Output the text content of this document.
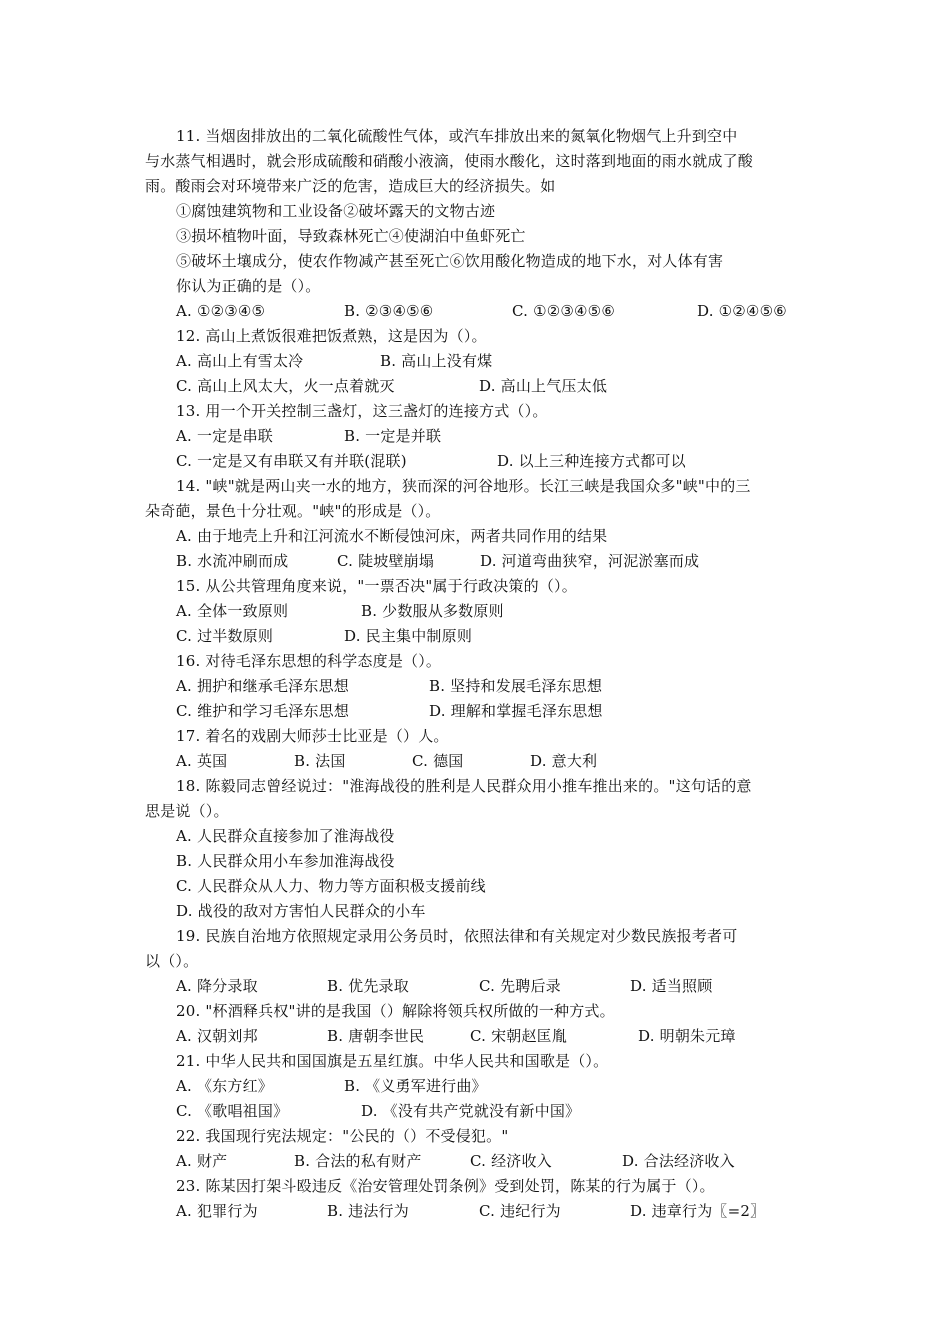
11. 当烟囱排放出的二氧化硫酸性气体，或汽车排放出来的氮氧化物烟气上升到空中
与水蒸气相遇时，就会形成硫酸和硝酸小液滴，使雨水酸化，这时落到地面的雨水就成了酸
雨。酸雨会对环境带来广泛的危害，造成巨大的经济损失。如
①腐蚀建筑物和工业设备②破坏露天的文物古迹
③损坏植物叶面，导致森林死亡④使湖泊中鱼虾死亡
⑤破坏土壤成分，使农作物减产甚至死亡⑥饮用酸化物造成的地下水，对人体有害
你认为正确的是（）。
A. ①②③④⑤	B. ②③④⑤⑥	C. ①②③④⑤⑥	D. ①②④⑤⑥
12. 高山上煮饭很难把饭煮熟，这是因为（）。
A. 高山上有雪太冷	B. 高山上没有煤
C. 高山上风太大，火一点着就灭	D. 高山上气压太低
13. 用一个开关控制三盏灯，这三盏灯的连接方式（）。
A. 一定是串联	B. 一定是并联
C. 一定是又有串联又有并联(混联)	D. 以上三种连接方式都可以
14. "峡"就是两山夹一水的地方，狭而深的河谷地形。长江三峡是我国众多"峡"中的三
朵奇葩，景色十分壮观。"峡"的形成是（）。
A. 由于地壳上升和江河流水不断侵蚀河床，两者共同作用的结果
B. 水流冲刷而成	C. 陡坡壁崩塌	D. 河道弯曲狭窄，河泥淤塞而成
15. 从公共管理角度来说，"一票否决"属于行政决策的（）。
A. 全体一致原则	B. 少数服从多数原则
C. 过半数原则	D. 民主集中制原则
16. 对待毛泽东思想的科学态度是（）。
A. 拥护和继承毛泽东思想	B. 坚持和发展毛泽东思想
C. 维护和学习毛泽东思想	D. 理解和掌握毛泽东思想
17. 着名的戏剧大师莎士比亚是（）人。
A. 英国	B. 法国	C. 德国	D. 意大利
18. 陈毅同志曾经说过："淮海战役的胜利是人民群众用小推车推出来的。"这句话的意
思是说（）。
A. 人民群众直接参加了淮海战役
B. 人民群众用小车参加淮海战役
C. 人民群众从人力、物力等方面积极支援前线
D. 战役的敌对方害怕人民群众的小车
19. 民族自治地方依照规定录用公务员时，依照法律和有关规定对少数民族报考者可
以（）。
A. 降分录取	B. 优先录取	C. 先聘后录	D. 适当照顾
20. "杯酒释兵权"讲的是我国（）解除将领兵权所做的一种方式。
A. 汉朝刘邦	B. 唐朝李世民	C. 宋朝赵匡胤	D. 明朝朱元璋
21. 中华人民共和国国旗是五星红旗。中华人民共和国歌是（）。
A. 《东方红》	B. 《义勇军进行曲》
C. 《歌唱祖国》	D. 《没有共产党就没有新中国》
22. 我国现行宪法规定："公民的（）不受侵犯。"
A. 财产	B. 合法的私有财产	C. 经济收入	D. 合法经济收入
23. 陈某因打架斗殴违反《治安管理处罚条例》受到处罚，陈某的行为属于（）。
A. 犯罪行为	B. 违法行为	C. 违纪行为	D. 违章行为〖=2〗
